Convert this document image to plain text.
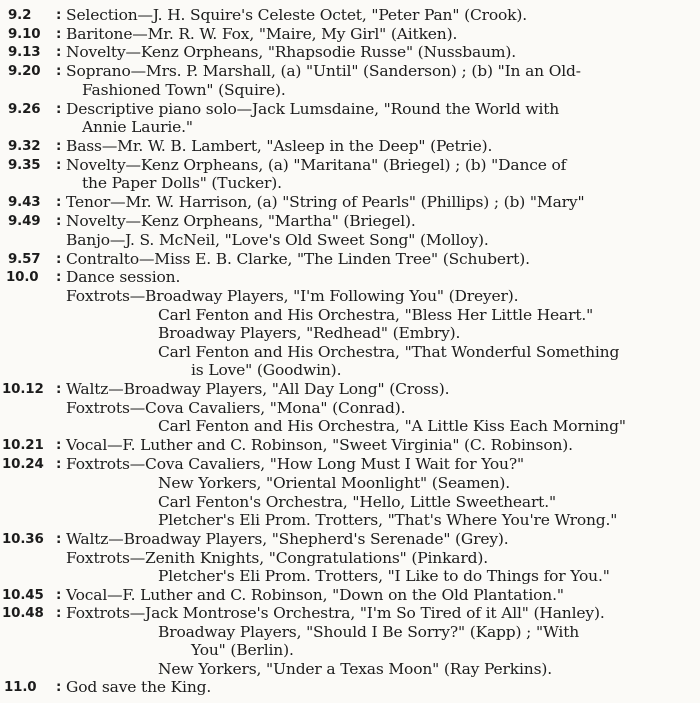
9.2 : Selection—J. H. Squire's Celeste Octet, "Peter Pan" (Crook).
9.10 : Baritone—Mr. R. W. Fox, "Maire, My Girl" (Aitken).
9.13 : Novelty—Kenz Orpheans, "Rhapsodie Russe" (Nussbaum).
9.20 : Soprano—Mrs. P. Marshall, (a) "Until" (Sanderson) ; (b) "In an Old-
Fashioned Town" (Squire).
9.26 : Descriptive piano solo—Jack Lumsdaine, "Round the World with
Annie Laurie."
9.32 : Bass—Mr. W. B. Lambert, "Asleep in the Deep" (Petrie).
9.35 : Novelty—Kenz Orpheans, (a) "Maritana" (Briegel) ; (b) "Dance of
the Paper Dolls" (Tucker).
9.43 : Tenor—Mr. W. Harrison, (a) "String of Pearls" (Phillips) ; (b) "Mary"
9.49 : Novelty—Kenz Orpheans, "Martha" (Briegel).
Banjo—J. S. McNeil, "Love's Old Sweet Song" (Molloy).
9.57 : Contralto—Miss E. B. Clarke, "The Linden Tree" (Schubert).
10.0 : Dance session.
Foxtrots—Broadway Players, "I'm Following You" (Dreyer).
Carl Fenton and His Orchestra, "Bless Her Little Heart."
Broadway Players, "Redhead" (Embry).
Carl Fenton and His Orchestra, "That Wonderful Something
is Love" (Goodwin).
10.12 : Waltz—Broadway Players, "All Day Long" (Cross).
Foxtrots—Cova Cavaliers, "Mona" (Conrad).
Carl Fenton and His Orchestra, "A Little Kiss Each Morning"
10.21 : Vocal—F. Luther and C. Robinson, "Sweet Virginia" (C. Robinson).
10.24 : Foxtrots—Cova Cavaliers, "How Long Must I Wait for You?"
New Yorkers, "Oriental Moonlight" (Seamen).
Carl Fenton's Orchestra, "Hello, Little Sweetheart."
Pletcher's Eli Prom. Trotters, "That's Where You're Wrong."
10.36 : Waltz—Broadway Players, "Shepherd's Serenade" (Grey).
Foxtrots—Zenith Knights, "Congratulations" (Pinkard).
Pletcher's Eli Prom. Trotters, "I Like to do Things for You."
10.45 : Vocal—F. Luther and C. Robinson, "Down on the Old Plantation."
10.48 : Foxtrots—Jack Montrose's Orchestra, "I'm So Tired of it All" (Hanley).
Broadway Players, "Should I Be Sorry?" (Kapp) ; "With
You" (Berlin).
New Yorkers, "Under a Texas Moon" (Ray Perkins).
11.0 : God save the King.
